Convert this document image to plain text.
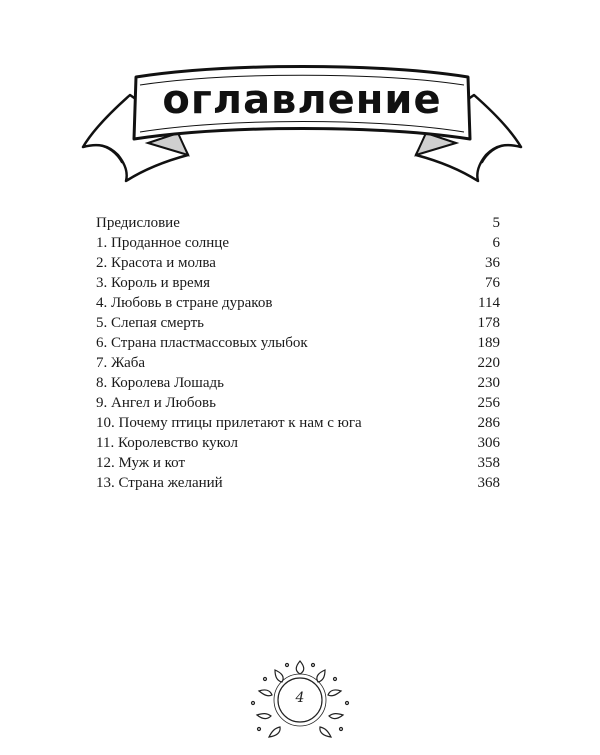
оглавление
Предисловие	5
1. Проданное солнце	6
2. Красота и молва	36
3. Король и время	76
4. Любовь в стране дураков	114
5. Слепая смерть	178
6. Страна пластмассовых улыбок	189
7. Жаба	220
8. Королева Лошадь	230
9. Ангел и Любовь	256
10. Почему птицы прилетают к нам с юга	286
11. Королевство кукол	306
12. Муж и кот	358
13. Страна желаний	368
4
